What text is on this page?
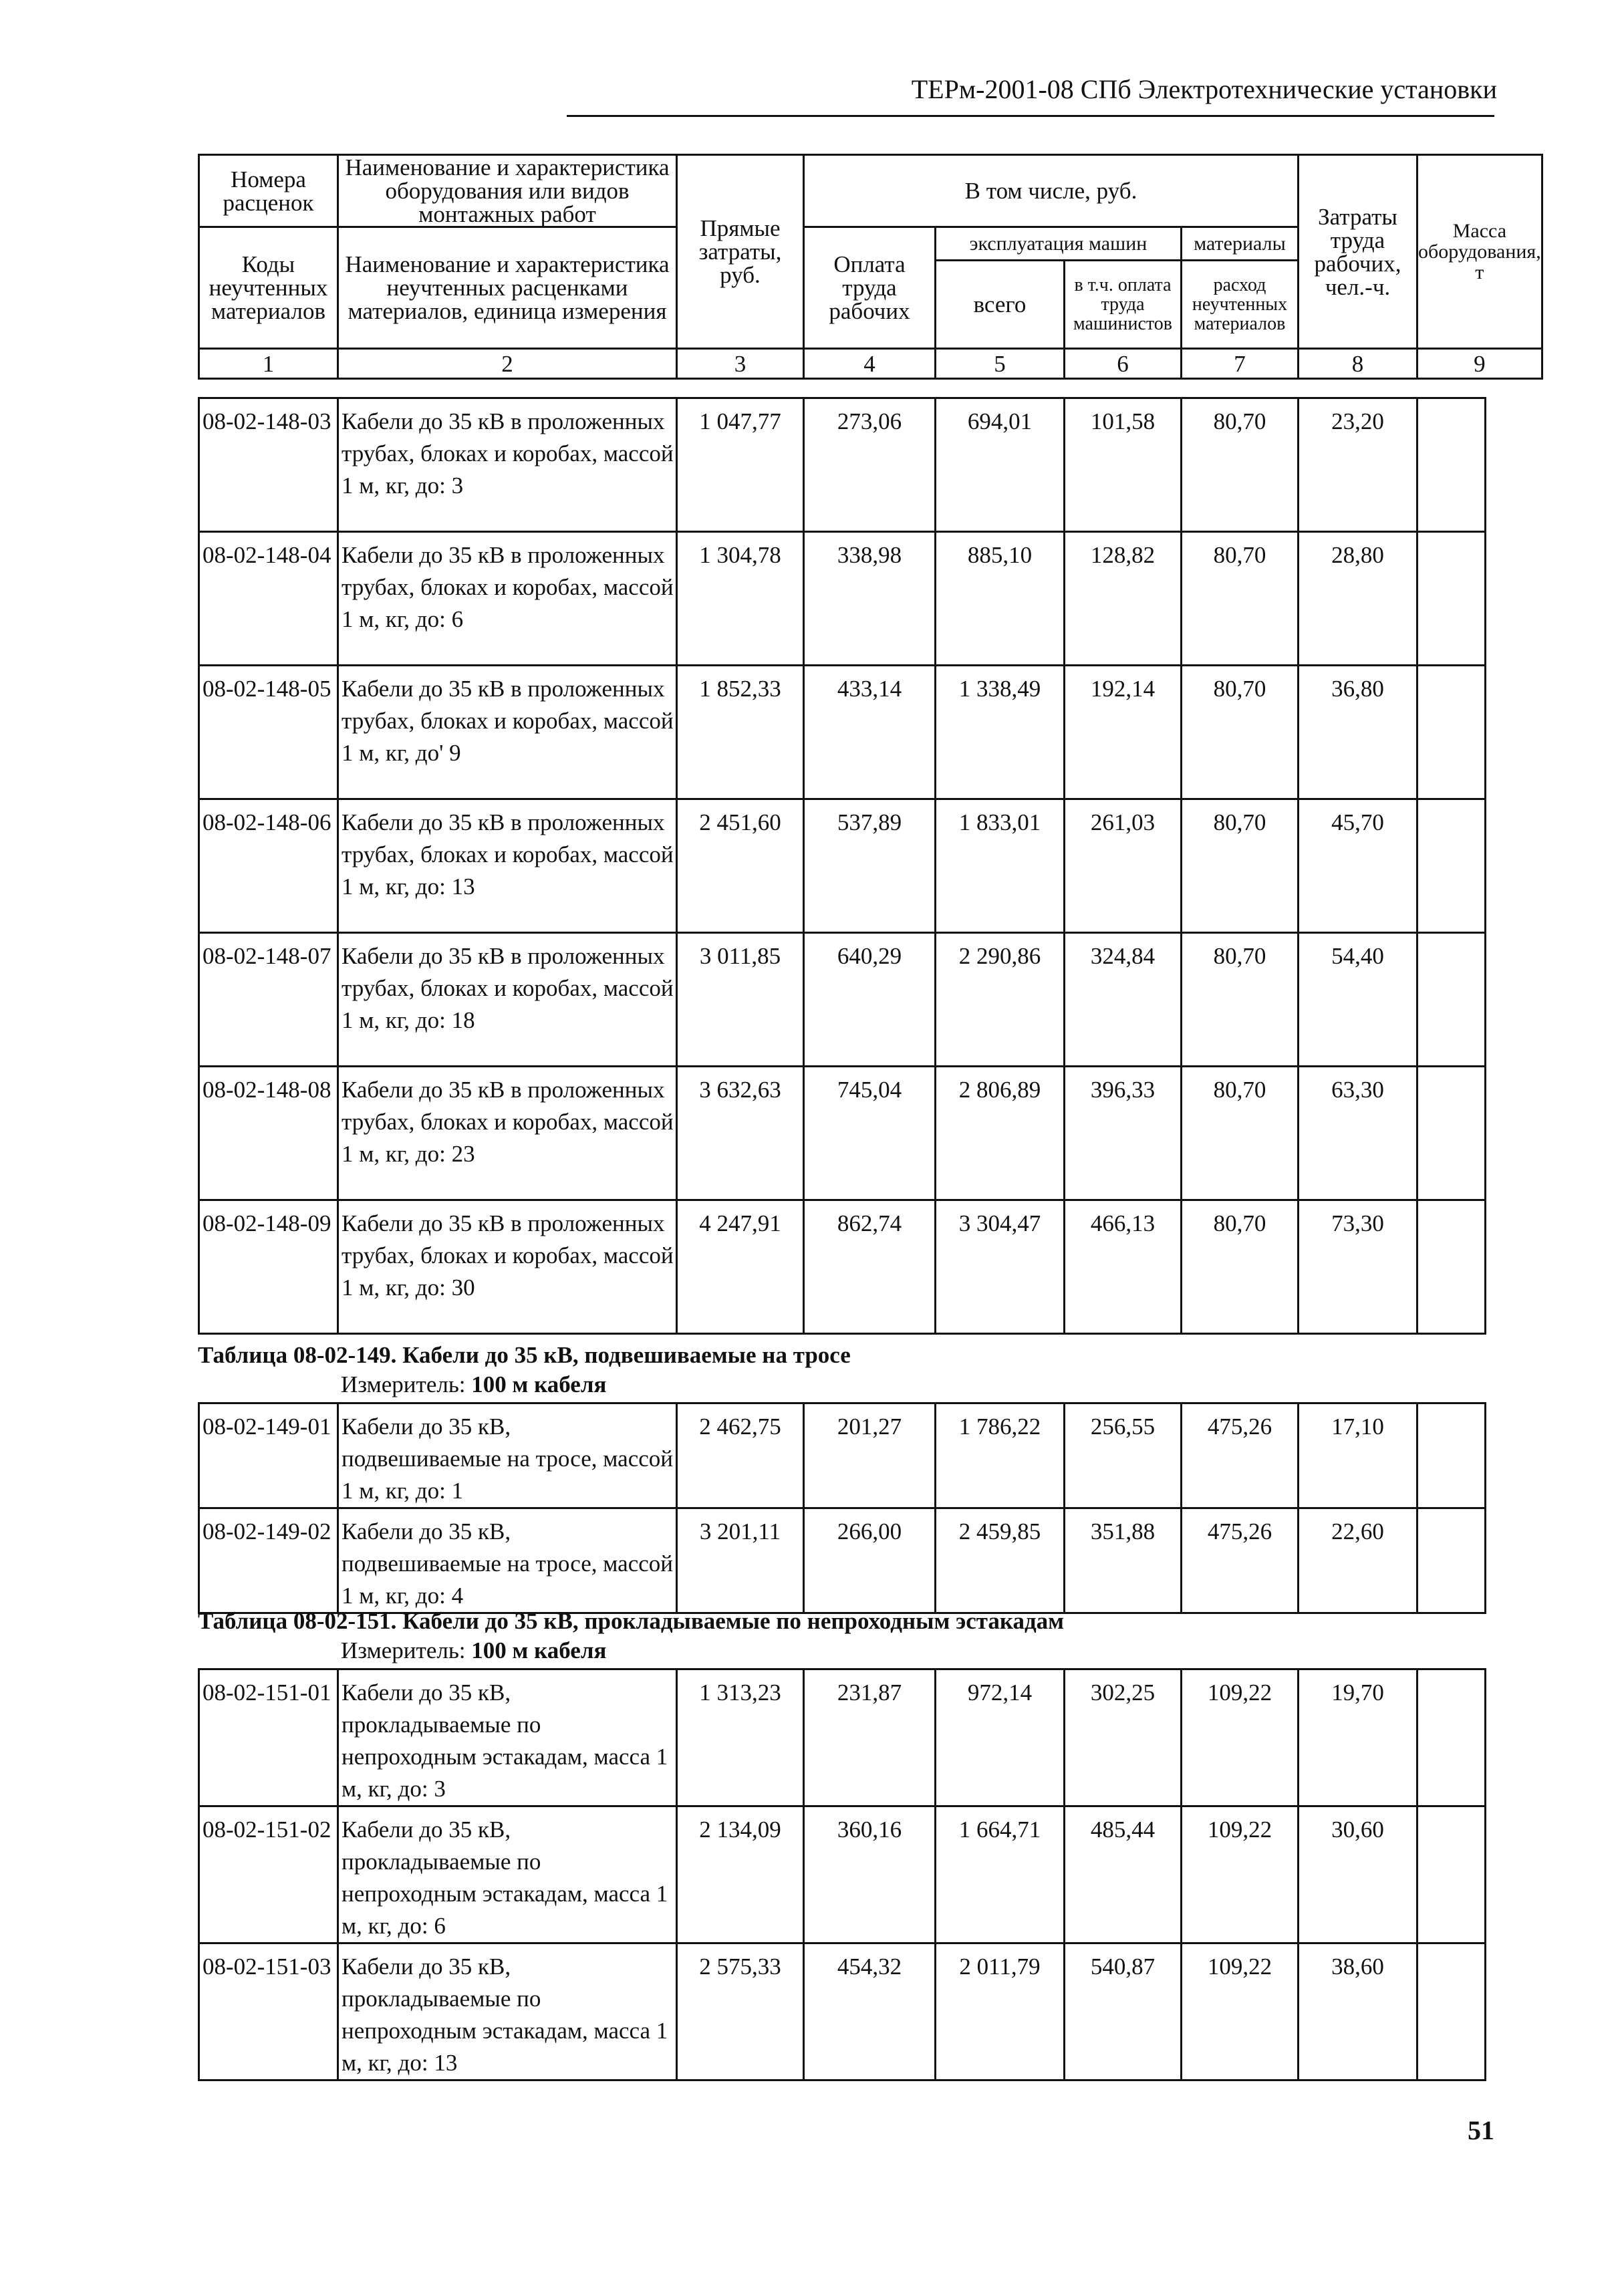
ТЕРм-2001-08 СПб Электротехнические установки
Номера расценок	Наименование и характеристика оборудования или видов монтажных работ	Прямые затраты, руб.	В том числе, руб.				Затраты труда рабочих, чел.-ч.	Масса оборудования, т
Коды неучтенных материалов	Наименование и характеристика неучтенных расценками материалов, единица измерения		Оплата труда рабочих	эксплуатация машин		материалы		
				всего	в т.ч. оплата труда машинистов	расход неучтенных материалов		
1	2	3	4	5	6	7	8	9
08-02-148-03	Кабели до 35 кВ в проложенных трубах, блоках и коробах, массой 1 м, кг, до: 3	1 047,77	273,06	694,01	101,58	80,70	23,20	
08-02-148-04	Кабели до 35 кВ в проложенных трубах, блоках и коробах, массой 1 м, кг, до: 6	1 304,78	338,98	885,10	128,82	80,70	28,80	
08-02-148-05	Кабели до 35 кВ в проложенных трубах, блоках и коробах, массой 1 м, кг, до' 9	1 852,33	433,14	1 338,49	192,14	80,70	36,80	
08-02-148-06	Кабели до 35 кВ в проложенных трубах, блоках и коробах, массой 1 м, кг, до: 13	2 451,60	537,89	1 833,01	261,03	80,70	45,70	
08-02-148-07	Кабели до 35 кВ в проложенных трубах, блоках и коробах, массой 1 м, кг, до: 18	3 011,85	640,29	2 290,86	324,84	80,70	54,40	
08-02-148-08	Кабели до 35 кВ в проложенных трубах, блоках и коробах, массой 1 м, кг, до: 23	3 632,63	745,04	2 806,89	396,33	80,70	63,30	
08-02-148-09	Кабели до 35 кВ в проложенных трубах, блоках и коробах, массой 1 м, кг, до: 30	4 247,91	862,74	3 304,47	466,13	80,70	73,30	
Таблица 08-02-149. Кабели до 35 кВ, подвешиваемые на тросе
Измеритель: 100 м кабеля
08-02-149-01	Кабели до 35 кВ, подвешиваемые на тросе, массой 1 м, кг, до: 1	2 462,75	201,27	1 786,22	256,55	475,26	17,10	
08-02-149-02	Кабели до 35 кВ, подвешиваемые на тросе, массой 1 м, кг, до: 4	3 201,11	266,00	2 459,85	351,88	475,26	22,60	
Таблица 08-02-151. Кабели до 35 кВ, прокладываемые по непроходным эстакадам
Измеритель: 100 м кабеля
08-02-151-01	Кабели до 35 кВ, прокладываемые по непроходным эстакадам, масса 1 м, кг, до: 3	1 313,23	231,87	972,14	302,25	109,22	19,70	
08-02-151-02	Кабели до 35 кВ, прокладываемые по непроходным эстакадам, масса 1 м, кг, до: 6	2 134,09	360,16	1 664,71	485,44	109,22	30,60	
08-02-151-03	Кабели до 35 кВ, прокладываемые по непроходным эстакадам, масса 1 м, кг, до: 13	2 575,33	454,32	2 011,79	540,87	109,22	38,60	
51
